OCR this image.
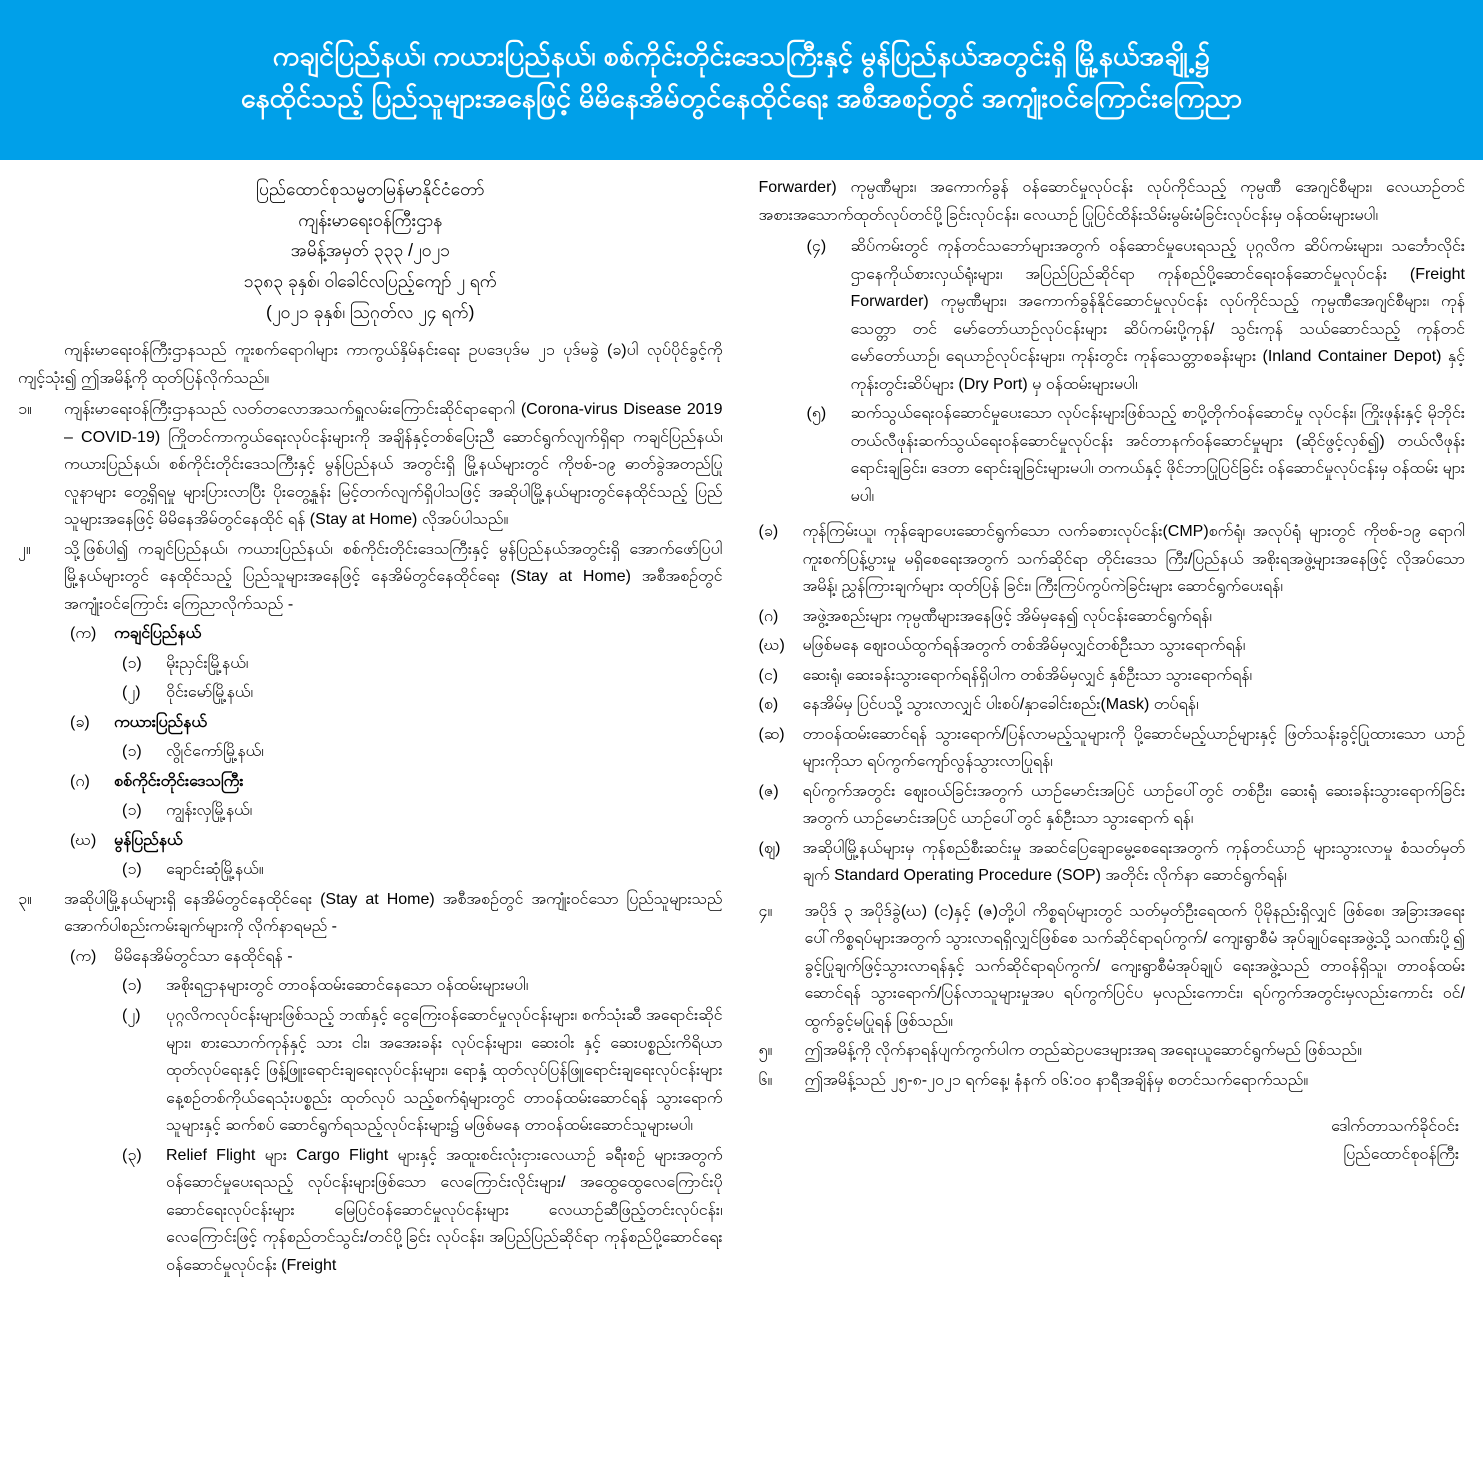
ကချင်ပြည်နယ်၊ ကယား‌ပြည်နယ်၊ စစ်ကိုင်းတိုင်းဒေသကြီးနှင့် မွန်ပြည်နယ်အတွင်းရှိ မြို့နယ်အချို့၌
နေထိုင်သည့် ပြည်သူများအနေဖြင့် မိမိနေအိမ်တွင်နေထိုင်ရေး အစီအစဉ်တွင် အကျုံးဝင်ကြောင်းကြေညာ
ပြည်ထောင်စုသမ္မတမြန်မာနိုင်ငံတော်
ကျန်းမာရေးဝန်ကြီးဌာန
အမိန့်အမှတ် ၃၃၃ /၂၀၂၁
၁၃၈၃ ခုနှစ်၊ ဝါခေါင်လပြည့်ကျော် ၂ ရက်
(၂၀၂၁ ခုနှစ်၊ သြဂုတ်လ ၂၄ ရက်)

ကျန်းမာရေးဝန်ကြီးဌာနသည် ကူးစက်ရောဂါများ ကာကွယ်နှိမ်နင်းရေး ဥပဒေပုဒ်မ ၂၁ ပုဒ်မခွဲ (ခ)ပါ လုပ်ပိုင်ခွင့်ကိုကျင့်သုံး၍ ဤအမိန့်ကို ထုတ်ပြန်လိုက်သည်။

၁။	ကျန်းမာရေးဝန်ကြီးဌာနသည် လတ်တလောအသက်ရှူလမ်းကြောင်းဆိုင်ရာရောဂါ (Corona-virus Disease 2019 – COVID-19) ကြိုတင်ကာကွယ်ရေးလုပ်ငန်းများကို အချိန်နှင့်တစ်ပြေးညီ ဆောင်ရွက်လျက်ရှိရာ ကချင်ပြည်နယ်၊ ကယားပြည်နယ်၊ စစ်ကိုင်းတိုင်းဒေသကြီးနှင့် မွန်ပြည်နယ် အတွင်းရှိ မြို့နယ်များတွင် ကိုဗစ်-၁၉ ဓာတ်ခွဲအတည်ပြုလူနာများ တွေ့ရှိရမှု များပြားလာပြီး ပိုးတွေ့နှုန်း မြင့်တက်လျက်ရှိပါသဖြင့် အဆိုပါမြို့နယ်များတွင်နေထိုင်သည့် ပြည်သူများအနေဖြင့် မိမိနေအိမ်တွင်နေထိုင် ရန် (Stay at Home) လိုအပ်ပါသည်။
၂။	သို့ဖြစ်ပါ၍ ကချင်ပြည်နယ်၊ ကယားပြည်နယ်၊ စစ်ကိုင်းတိုင်းဒေသကြီးနှင့် မွန်ပြည်နယ်အတွင်းရှိ အောက်ဖော်ပြပါမြို့နယ်များတွင် နေထိုင်သည့် ပြည်သူများအနေဖြင့် နေအိမ်တွင်နေထိုင်ရေး (Stay at Home) အစီအစဉ်တွင် အကျုံးဝင်ကြောင်း ကြေညာလိုက်သည် -
(က)	ကချင်ပြည်နယ်
(၁)	မိုးညှင်းမြို့နယ်၊
(၂)	ဝိုင်းမော်မြို့နယ်၊
(ခ)	ကယားပြည်နယ်
(၁)	လွိုင်ကော်မြို့နယ်၊
(ဂ)	စစ်ကိုင်းတိုင်းဒေသကြီး
(၁)	ကျွန်းလှမြို့နယ်၊
(ဃ)	မွန်ပြည်နယ်
(၁)	ချောင်းဆုံမြို့နယ်။
၃။	အဆိုပါမြို့နယ်များရှိ နေအိမ်တွင်နေထိုင်ရေး (Stay at Home) အစီအစဉ်တွင် အကျုံးဝင်သော ပြည်သူများသည် အောက်ပါစည်းကမ်းချက်များကို လိုက်နာရမည် -
(က)	မိမိနေအိမ်တွင်သာ နေထိုင်ရန် -
(၁)	အစိုးရဌာနများတွင် တာဝန်ထမ်းဆောင်နေသော ဝန်ထမ်းများမပါ၊
(၂)	ပုဂ္ဂလိကလုပ်ငန်းများဖြစ်သည့် ဘဏ်နှင့် ငွေကြေးဝန်ဆောင်မှုလုပ်ငန်းများ၊ စက်သုံးဆီ အရောင်းဆိုင်များ၊ စားသောက်ကုန်နှင့် သား ငါး၊ အအေးခန်း လုပ်ငန်းများ၊ ဆေးဝါး နှင့် ဆေးပစ္စည်းကိရိယာ ထုတ်လုပ်ရေးနှင့် ဖြန့်ဖြူးရောင်းချရေးလုပ်ငန်းများ၊ ရောနှံ့ ထုတ်လုပ်ပြန်ဖြူရောင်းချရေးလုပ်ငန်းများ နေ့စဉ်တစ်ကိုယ်ရေသုံးပစ္စည်း ထုတ်လုပ် သည့်စက်ရုံများတွင် တာဝန်ထမ်းဆောင်ရန် သွားရောက်သူများနှင့် ဆက်စပ် ဆောင်ရွက်ရသည့်လုပ်ငန်းများ၌ မဖြစ်မနေ တာဝန်ထမ်းဆောင်သူများမပါ၊
(၃)	Relief Flight များ Cargo Flight များနှင့် အထူးစင်းလုံးငှားလေယာဉ် ခရီးစဉ် များအတွက် ဝန်ဆောင်မှုပေးရသည့် လုပ်ငန်းများဖြစ်သော လေကြောင်းလိုင်းများ/ အထွေထွေလေကြောင်းပိုဆောင်ရေးလုပ်ငန်းများ မြေပြင်ဝန်ဆောင်မှုလုပ်ငန်းများ လေယာဉ်ဆီဖြည့်တင်းလုပ်ငန်း၊ လေကြောင်းဖြင့် ကုန်စည်တင်သွင်း/တင်ပို့ခြင်း လုပ်ငန်း၊ အပြည်ပြည်ဆိုင်ရာ ကုန်စည်ပို့ဆောင်ရေးဝန်ဆောင်မှုလုပ်ငန်း (Freight

Forwarder) ကုမ္ပဏီများ၊ အကောက်ခွန် ဝန်ဆောင်မှုလုပ်ငန်း လုပ်ကိုင်သည့် ကုမ္ပဏီ အေဂျင်စီများ၊ လေယာဉ်တင်အစားအသောက်ထုတ်လုပ်တင်ပို့ခြင်းလုပ်ငန်း၊ လေယာဉ် ပြုပြင်ထိန်းသိမ်းမွမ်းမံခြင်းလုပ်ငန်းမှ ဝန်ထမ်းများမပါ၊

(၄)	ဆိပ်ကမ်းတွင် ကုန်တင်သဘော်များအတွက် ဝန်ဆောင်မှုပေးရသည့် ပုဂ္ဂလိက ဆိပ်ကမ်းများ၊ သင်္ဘောလိုင်းဌာနေကိုယ်စားလှယ်ရုံးများ၊ အပြည်ပြည်ဆိုင်ရာ ကုန်စည်ပို့ဆောင်ရေးဝန်ဆောင်မှုလုပ်ငန်း (Freight Forwarder) ကုမ္ပဏီများ၊ အကောက်ခွန်နိုင်ဆောင်မှုလုပ်ငန်း လုပ်ကိုင်သည့် ကုမ္ပဏီအေဂျင်စီများ၊ ကုန်သေတ္တာ တင် မော်တော်ယာဉ်လုပ်ငန်းများ ဆိပ်ကမ်းပို့ကုန်/ သွင်းကုန် သယ်ဆောင်သည့် ကုန်တင်မော်တော်ယာဉ်၊ ရေယာဉ်လုပ်ငန်းများ၊ ကုန်းတွင်း ကုန်သေတ္တာစခန်းများ (Inland Container Depot) နှင့် ကုန်းတွင်းဆိပ်များ (Dry Port) မှ ဝန်ထမ်းများမပါ၊
(၅)	ဆက်သွယ်ရေးဝန်ဆောင်မှုပေးသော လုပ်ငန်းများဖြစ်သည့် စာပို့တိုက်ဝန်ဆောင်မှု လုပ်ငန်း၊ ကြိုးဖုန်းနှင့် မိုဘိုင်းတယ်လီဖုန်းဆက်သွယ်ရေးဝန်ဆောင်မှုလုပ်ငန်း အင်တာနက်ဝန်ဆောင်မှုများ (ဆိုင်ဖွင့်လှစ်၍) တယ်လီဖုန်းရောင်းချခြင်း၊ ဒေတာ ရောင်းချခြင်းများမပါ၊ တကယ်နှင့် ဖိုင်ဘာပြုပြင်ခြင်း ဝန်ဆောင်မှုလုပ်ငန်းမှ ဝန်ထမ်း များမပါ၊
(ခ)	ကုန်ကြမ်းယူ၊ ကုန်ချောပေးဆောင်ရွက်သော လက်ခစားလုပ်ငန်း(CMP)စက်ရုံ၊ အလုပ်ရုံ များတွင် ကိုဗစ်-၁၉ ရောဂါ ကူးစက်ပြန့်ပွားမှု မရှိစေရေးအတွက် သက်ဆိုင်ရာ တိုင်းဒေသ ကြီး/ပြည်နယ် အစိုးရအဖွဲ့များအနေဖြင့် လိုအပ်သောအမိန့်၊ ညွှန်ကြားချက်များ ထုတ်ပြန် ခြင်း၊ ကြီးကြပ်ကွပ်ကဲခြင်းများ ဆောင်ရွက်ပေးရန်၊
(ဂ)	အဖွဲ့အစည်းများ ကုမ္ပဏီများအနေဖြင့် အိမ်မှနေ၍ လုပ်ငန်းဆောင်ရွက်ရန်၊
(ဃ)	မဖြစ်မနေ ဈေးဝယ်ထွက်ရန်အတွက် တစ်အိမ်မှလျှင်တစ်ဦးသာ သွားရောက်ရန်၊
(င)	ဆေးရုံ၊ ဆေးခန်းသွားရောက်ရန်ရှိပါက တစ်အိမ်မှလျှင် နှစ်ဦးသာ သွားရောက်ရန်၊
(စ)	နေအိမ်မှ ပြင်ပသို့ သွားလာလျှင် ပါးစပ်/နှာခေါင်းစည်း(Mask) တပ်ရန်၊
(ဆ)	တာဝန်ထမ်းဆောင်ရန် သွားရောက်/ပြန်လာမည့်သူများကို ပို့ဆောင်မည့်ယာဉ်များနှင့် ဖြတ်သန်းခွင့်ပြုထားသော ယာဉ်များကိုသာ ရပ်ကွက်ကျော်လွန်သွားလာပြုရန်၊
(ဇ)	ရပ်ကွက်အတွင်း ဈေးဝယ်ခြင်းအတွက် ယာဉ်မောင်းအပြင် ယာဉ်ပေါ်တွင် တစ်ဦး၊ ဆေးရုံ ဆေးခန်းသွားရောက်ခြင်းအတွက် ယာဉ်မောင်းအပြင် ယာဉ်ပေါ်တွင် နှစ်ဦးသာ သွားရောက် ရန်၊
(ဈ)	အဆိုပါမြို့နယ်များမှ ကုန်စည်စီးဆင်းမှု အဆင်ပြေချောမွေ့စေရေးအတွက် ကုန်တင်ယာဉ် များသွားလာမှု စံသတ်မှတ်ချက် Standard Operating Procedure (SOP) အတိုင်း လိုက်နာ ဆောင်ရွက်ရန်၊
၄။	အပိုဒ် ၃ အပိုဒ်ခွဲ(ဃ) (င)နှင့် (ဇ)တို့ပါ ကိစ္စရပ်များတွင် သတ်မှတ်ဦးရေထက် ပိုမိုနည်းရှိလျှင် ဖြစ်စေ၊ အခြားအရေးပေါ်ကိစ္စရပ်များအတွက် သွားလာရရှိလျှင်ဖြစ်စေ သက်ဆိုင်ရာရပ်ကွက်/ ကျေးရွာစီမံ အုပ်ချုပ်ရေးအဖွဲ့သို့ သဂဏ်းပို့၍ ခွင့်ပြုချက်ဖြင့်သွားလာရန်နှင့် သက်ဆိုင်ရာရပ်ကွက်/ ကျေးရွာစီမံအုပ်ချုပ် ရေးအဖွဲ့သည် တာဝန်ရှိသူ၊ တာဝန်ထမ်းဆောင်ရန် သွားရောက်/ပြန်လာသူများမှုအပ ရပ်ကွက်ပြင်ပ မှလည်းကောင်း၊ ရပ်ကွက်အတွင်းမှလည်းကောင်း ဝင်/ထွက်ခွင့်မပြုရန် ဖြစ်သည်။
၅။	ဤအမိန့်ကို လိုက်နာရန်ပျက်ကွက်ပါက တည်ဆဲဥပဒေများအရ အရေးယူဆောင်ရွက်မည် ဖြစ်သည်။
၆။	ဤအမိန့်သည် ၂၅-၈-၂၀၂၁ ရက်နေ့၊ နံနက် ဝ၆:၀၀ နာရီအချိန်မှ စတင်သက်ရောက်သည်။
ဒေါက်တာသက်ခိုင်ဝင်း
ပြည်ထောင်စုဝန်ကြီး
